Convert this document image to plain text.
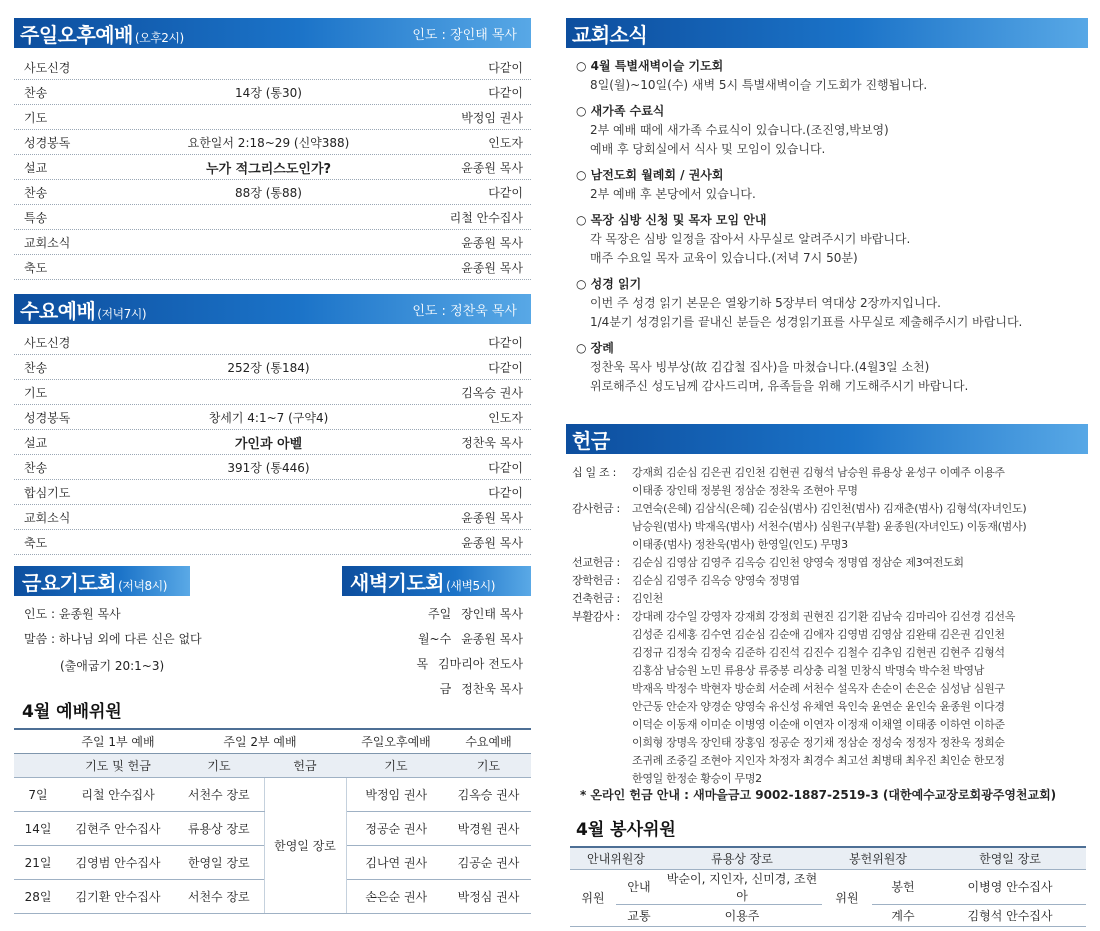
주일오후예배 (오후2시)	인도 : 장인태 목사
사도신경	다같이
찬송	14장 (통30)	다같이
기도	박정임 권사
성경봉독	요한일서 2:18~29 (신약388)	인도자
설교	누가 적그리스도인가?	윤종원 목사
찬송	88장 (통88)	다같이
특송	리철 안수집사
교회소식	윤종원 목사
축도	윤종원 목사
수요예배 (저녁7시)	인도 : 정찬욱 목사
사도신경	다같이
찬송	252장 (통184)	다같이
기도	김옥승 권사
성경봉독	창세기 4:1~7 (구약4)	인도자
설교	가인과 아벨	정찬욱 목사
찬송	391장 (통446)	다같이
합심기도	다같이
교회소식	윤종원 목사
축도	윤종원 목사
금요기도회 (저녁8시)	새벽기도회 (새벽5시)
인도 : 윤종원 목사
말씀 : 하나님 외에 다른 신은 없다
(출애굽기 20:1~3)
주일 장인태 목사
월~수 윤종원 목사
목 김마리아 전도사
금 정찬욱 목사
4월 예배위원
	주일 1부 예배	주일 2부 예배		주일오후예배	수요예배
	기도 및 헌금	기도	헌금	기도	기도
7일	리철 안수집사	서천수 장로	한영일 장로	박정임 권사	김옥승 권사
14일	김현주 안수집사	류용상 장로		정공순 권사	박경원 권사
21일	김영범 안수집사	한영일 장로		김나연 권사	김공순 권사
28일	김기환 안수집사	서천수 장로		손은순 권사	박정심 권사
교회소식
○ 4월 특별새벽이슬 기도회
8일(월)~10일(수) 새벽 5시 특별새벽이슬 기도회가 진행됩니다.
○ 새가족 수료식
2부 예배 때에 새가족 수료식이 있습니다.(조진영,박보영)
예배 후 당회실에서 식사 및 모임이 있습니다.
○ 남전도회 월례회 / 권사회
2부 예배 후 본당에서 있습니다.
○ 목장 심방 신청 및 목자 모임 안내
각 목장은 심방 일정을 잡아서 사무실로 알려주시기 바랍니다.
매주 수요일 목자 교육이 있습니다.(저녁 7시 50분)
○ 성경 읽기
이번 주 성경 읽기 본문은 열왕기하 5장부터 역대상 2장까지입니다.
1/4분기 성경읽기를 끝내신 분들은 성경읽기표를 사무실로 제출해주시기 바랍니다.
○ 장례
정찬욱 목사 빙부상(故 김갑철 집사)을 마쳤습니다.(4월3일 소천)
위로해주신 성도님께 감사드리며, 유족들을 위해 기도해주시기 바랍니다.
헌금
십 일 조 :	강재희 김순심 김은권 김인천 김현권 김형석 남승원 류용상 윤성구 이예주 이용주
이태종 장인태 정봉원 정삼순 정찬욱 조현아 무명
감사헌금 :	고연숙(은혜) 김삼식(은혜) 김순심(범사) 김인천(범사) 김재춘(범사) 김형석(자녀인도)
남승원(범사) 박재옥(범사) 서천수(범사) 심원구(부활) 윤종원(자녀인도) 이동재(범사)
이태종(범사) 정찬욱(범사) 한영일(인도) 무명3
선교헌금 :	김순심 김영삼 김영주 김옥승 김인천 양영숙 정명엽 정삼순 제3여전도회
장학헌금 :	김순심 김영주 김옥승 양영숙 정명엽
건축헌금 :	김인천
부활감사 :	강대례 강수일 강영자 강재희 강정희 권현진 김기환 김남숙 김마리아 김선경 김선옥
김성준 김세홍 김수연 김순심 김순애 김애자 김영범 김영삼 김완태 김은권 김인천
김정규 김정숙 김정숙 김준하 김진석 김진수 김철수 김추임 김현권 김현주 김형석
김홍삼 남승원 노민 류용상 류중봉 리상충 리철 민창식 박명숙 박수천 박영남
박재옥 박정수 박현자 방순희 서순례 서천수 설옥자 손순이 손은순 심성남 심원구
안근동 안순자 양경순 양영숙 유신성 유채연 육인숙 윤연순 윤인숙 윤종원 이다경
이덕순 이동재 이미순 이병영 이순애 이연자 이정재 이채열 이태종 이하연 이하준
이희형 장명옥 장인태 장홍임 정공순 정기채 정삼순 정성숙 정정자 정찬욱 정희순
조귀례 조중길 조현아 지인자 차정자 최경수 최고선 최병태 최우진 최인순 한모정
한영일 한정순 황승이 무명2
* 온라인 헌금 안내 : 새마을금고 9002-1887-2519-3 (대한예수교장로회광주영천교회)
4월 봉사위원
안내위원장		류용상 장로	봉헌위원장		한영일 장로
위원	안내	박순이, 지인자, 신미경, 조현아	위원	봉헌	이병영 안수집사
	교통	이용주		계수	김형석 안수집사
